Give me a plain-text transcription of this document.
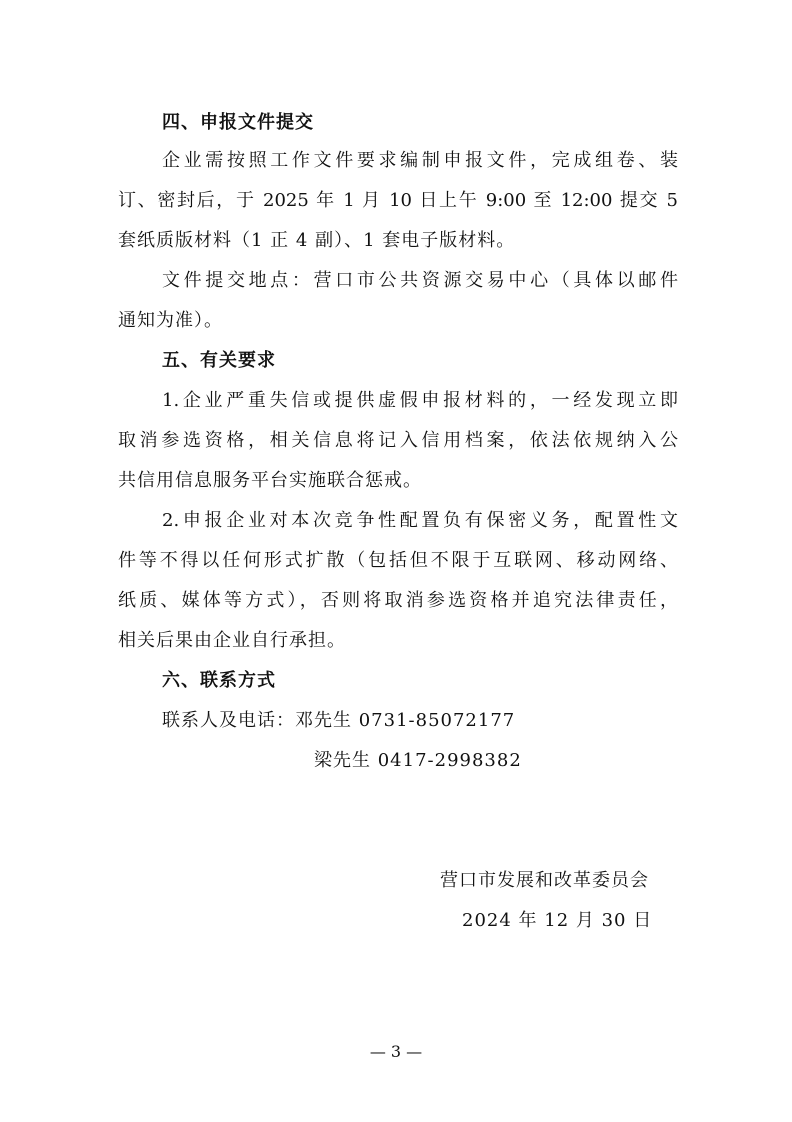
四、申报文件提交
企业需按照工作文件要求编制申报文件，完成组卷、装
订、密封后，于 2025 年 1 月 10 日上午 9:00 至 12:00 提交 5
套纸质版材料（1 正 4 副）、1 套电子版材料。
文件提交地点：营口市公共资源交易中心（具体以邮件
通知为准）。
五、有关要求
1.企业严重失信或提供虚假申报材料的，一经发现立即
取消参选资格，相关信息将记入信用档案，依法依规纳入公
共信用信息服务平台实施联合惩戒。
2.申报企业对本次竞争性配置负有保密义务，配置性文
件等不得以任何形式扩散（包括但不限于互联网、移动网络、
纸质、媒体等方式），否则将取消参选资格并追究法律责任，
相关后果由企业自行承担。
六、联系方式
联系人及电话：邓先生 0731-85072177
梁先生 0417-2998382
营口市发展和改革委员会
2024 年 12 月 30 日
— 3 —
